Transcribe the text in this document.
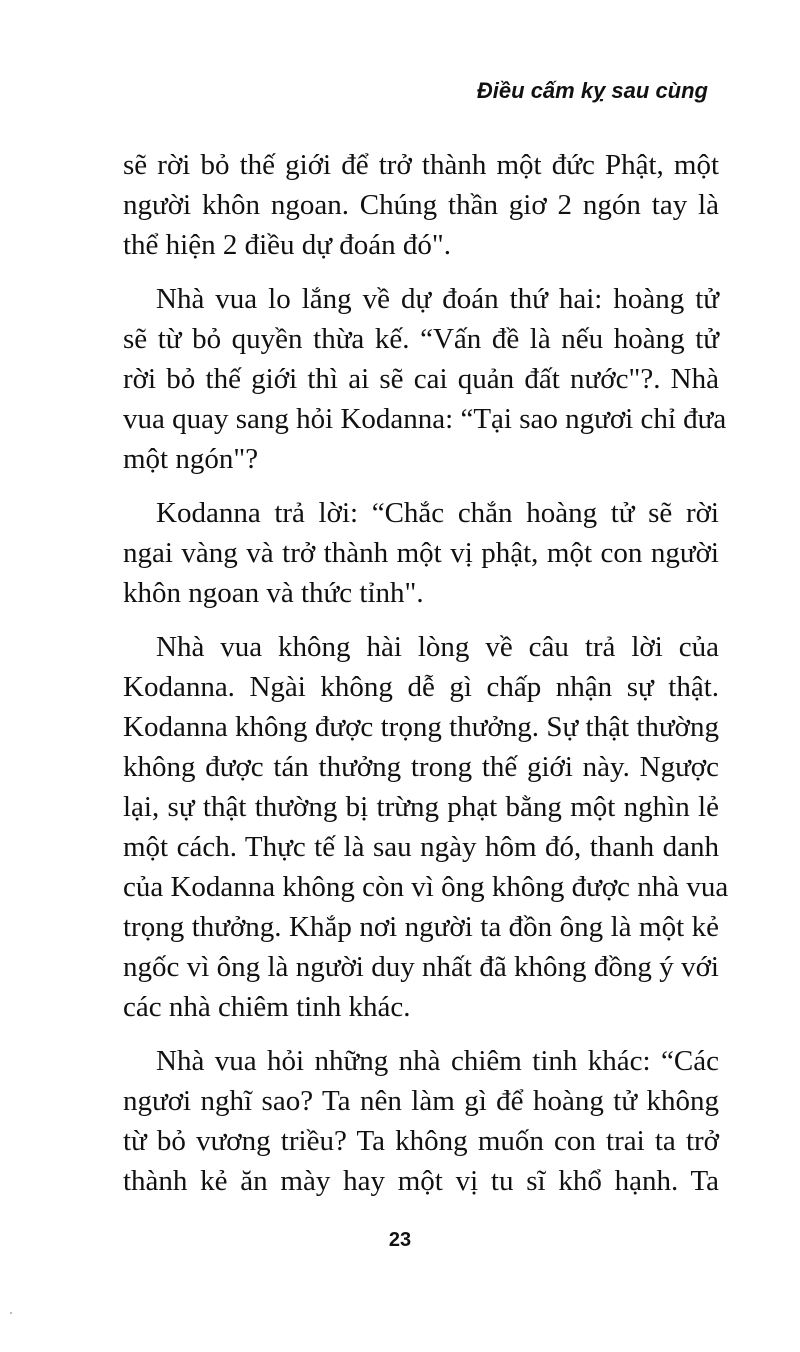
Điều cấm kỵ sau cùng
sẽ rời bỏ thế giới để trở thành một đức Phật, một
người khôn ngoan. Chúng thần giơ 2 ngón tay là
thể hiện 2 điều dự đoán đó".
Nhà vua lo lắng về dự đoán thứ hai: hoàng tử
sẽ từ bỏ quyền thừa kế. “Vấn đề là nếu hoàng tử
rời bỏ thế giới thì ai sẽ cai quản đất nước"?. Nhà
vua quay sang hỏi Kodanna: “Tại sao ngươi chỉ đưa
một ngón"?
Kodanna trả lời: “Chắc chắn hoàng tử sẽ rời
ngai vàng và trở thành một vị phật, một con người
khôn ngoan và thức tỉnh".
Nhà vua không hài lòng về câu trả lời của
Kodanna. Ngài không dễ gì chấp nhận sự thật.
Kodanna không được trọng thưởng. Sự thật thường
không được tán thưởng trong thế giới này. Ngược
lại, sự thật thường bị trừng phạt bằng một nghìn lẻ
một cách. Thực tế là sau ngày hôm đó, thanh danh
của Kodanna không còn vì ông không được nhà vua
trọng thưởng. Khắp nơi người ta đồn ông là một kẻ
ngốc vì ông là người duy nhất đã không đồng ý với
các nhà chiêm tinh khác.
Nhà vua hỏi những nhà chiêm tinh khác: “Các
ngươi nghĩ sao? Ta nên làm gì để hoàng tử không
từ bỏ vương triều? Ta không muốn con trai ta trở
thành kẻ ăn mày hay một vị tu sĩ khổ hạnh. Ta
23
